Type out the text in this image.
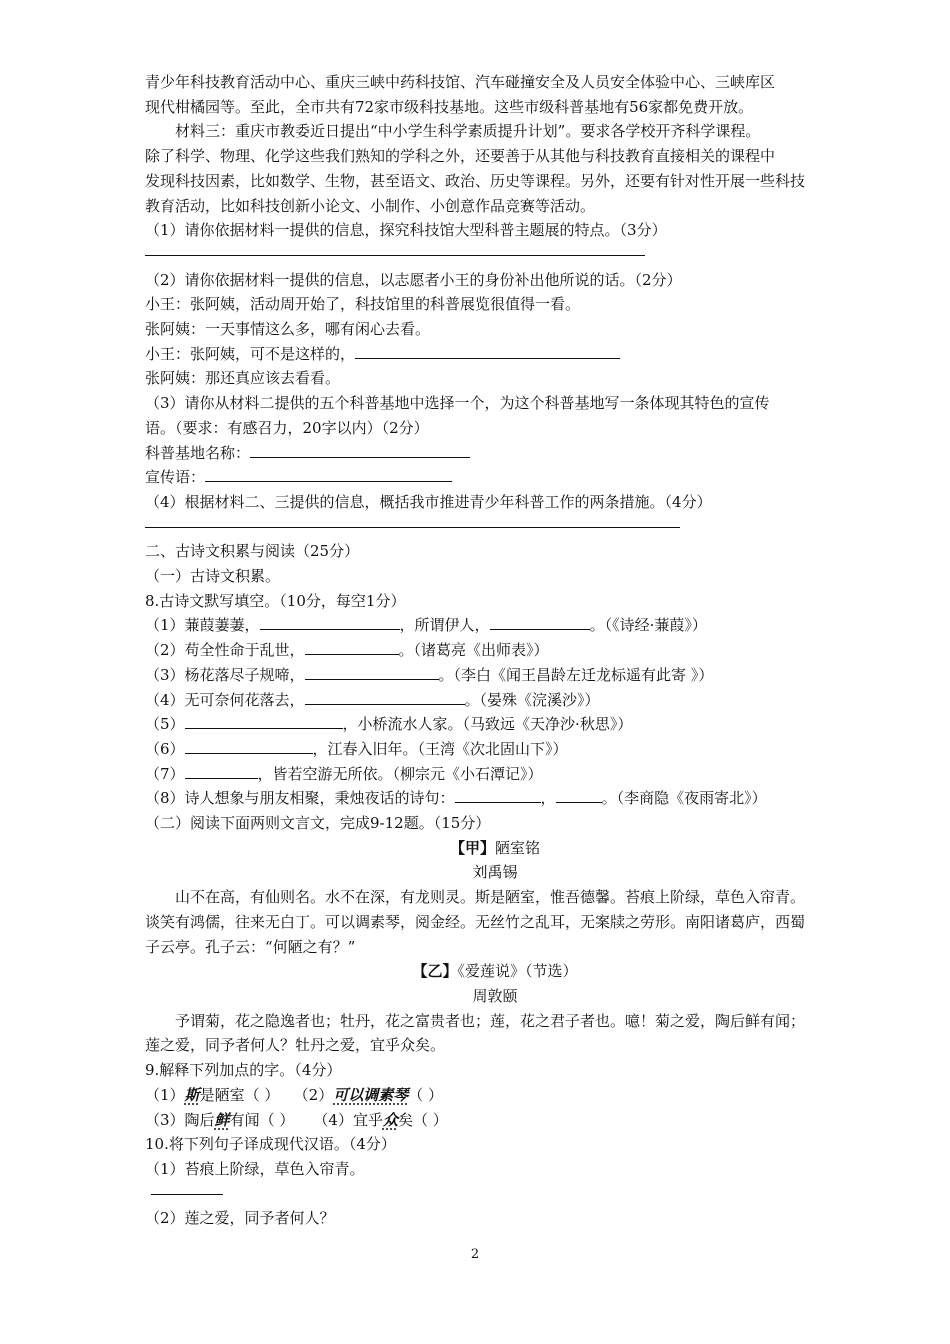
青少年科技教育活动中心、重庆三峡中药科技馆、汽车碰撞安全及人员安全体验中心、三峡库区
现代柑橘园等。至此，全市共有72家市级科技基地。这些市级科普基地有56家都免费开放。
材料三：重庆市教委近日提出“中小学生科学素质提升计划”。要求各学校开齐科学课程。
除了科学、物理、化学这些我们熟知的学科之外，还要善于从其他与科技教育直接相关的课程中
发现科技因素，比如数学、生物，甚至语文、政治、历史等课程。另外，还要有针对性开展一些科技
教育活动，比如科技创新小论文、小制作、小创意作品竞赛等活动。
（1）请你依据材料一提供的信息，探究科技馆大型科普主题展的特点。（3分）
（2）请你依据材料一提供的信息，以志愿者小王的身份补出他所说的话。（2分）
小王：张阿姨，活动周开始了，科技馆里的科普展览很值得一看。
张阿姨：一天事情这么多，哪有闲心去看。
小王：张阿姨，可不是这样的，
张阿姨：那还真应该去看看。
（3）请你从材料二提供的五个科普基地中选择一个，为这个科普基地写一条体现其特色的宣传
语。（要求：有感召力，20字以内）（2分）
科普基地名称：
宣传语：
（4）根据材料二、三提供的信息，概括我市推进青少年科普工作的两条措施。（4分）
二、古诗文积累与阅读（25分）
（一）古诗文积累。
8.古诗文默写填空。（10分，每空1分）
（1）蒹葭萋萋，	，所谓伊人，	。（《诗经·蒹葭》）
（2）苟全性命于乱世，	。（诸葛亮《出师表》）
（3）杨花落尽子规啼，	。（李白《闻王昌龄左迁龙标遥有此寄 》）
（4）无可奈何花落去，	。（晏殊《浣溪沙》）
（5）	，小桥流水人家。（马致远《天净沙·秋思》）
（6）	，江春入旧年。（王湾《次北固山下》）
（7）	，皆若空游无所依。（柳宗元《小石潭记》）
（8）诗人想象与朋友相聚，秉烛夜话的诗句：	，	。（李商隐《夜雨寄北》）
（二）阅读下面两则文言文，完成9-12题。（15分）
【甲】陋室铭
刘禹锡
山不在高，有仙则名。水不在深，有龙则灵。斯是陋室，惟吾德馨。苔痕上阶绿，草色入帘青。
谈笑有鸿儒，往来无白丁。可以调素琴，阅金经。无丝竹之乱耳，无案牍之劳形。南阳诸葛庐，西蜀
子云亭。孔子云：“何陋之有？”
【乙】《爱莲说》（节选）
周敦颐
予谓菊，花之隐逸者也；牡丹，花之富贵者也；莲，花之君子者也。噫！菊之爱，陶后鲜有闻；
莲之爱，同予者何人？牡丹之爱，宜乎众矣。
9.解释下列加点的字。（4分）
（1）斯是陋室（ ） （2）可以调素琴（ ）
（3）陶后鲜有闻（ ） （4）宜乎众矣（ ）
10.将下列句子译成现代汉语。（4分）
（1）苔痕上阶绿，草色入帘青。
（2）莲之爱，同予者何人？
2
